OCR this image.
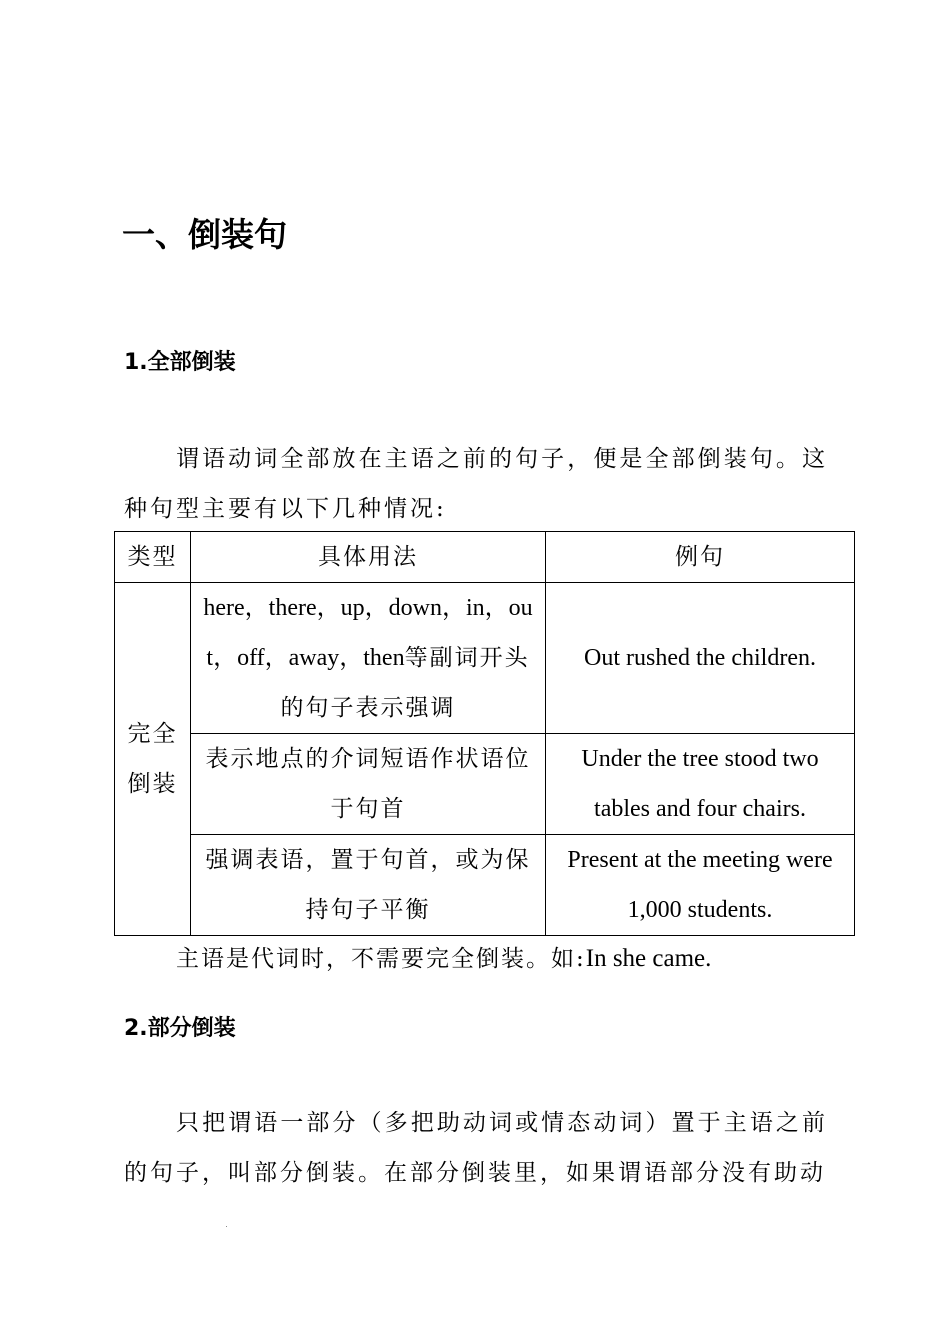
一、倒装句
1.全部倒装

谓语动词全部放在主语之前的句子，便是全部倒装句。这种句型主要有以下几种情况:

类型	具体用法	例句
完全倒装	here，there，up，down，in，out，off，away，then等副词开头的句子表示强调	Out rushed the children.
	表示地点的介词短语作状语位于句首	Under the tree stood two tables and four chairs.
	强调表语，置于句首，或为保持句子平衡	Present at the meeting were 1,000 students.

主语是代词时，不需要完全倒装。如:In she came.

2.部分倒装

只把谓语一部分（多把助动词或情态动词）置于主语之前的句子，叫部分倒装。在部分倒装里，如果谓语部分没有助动
